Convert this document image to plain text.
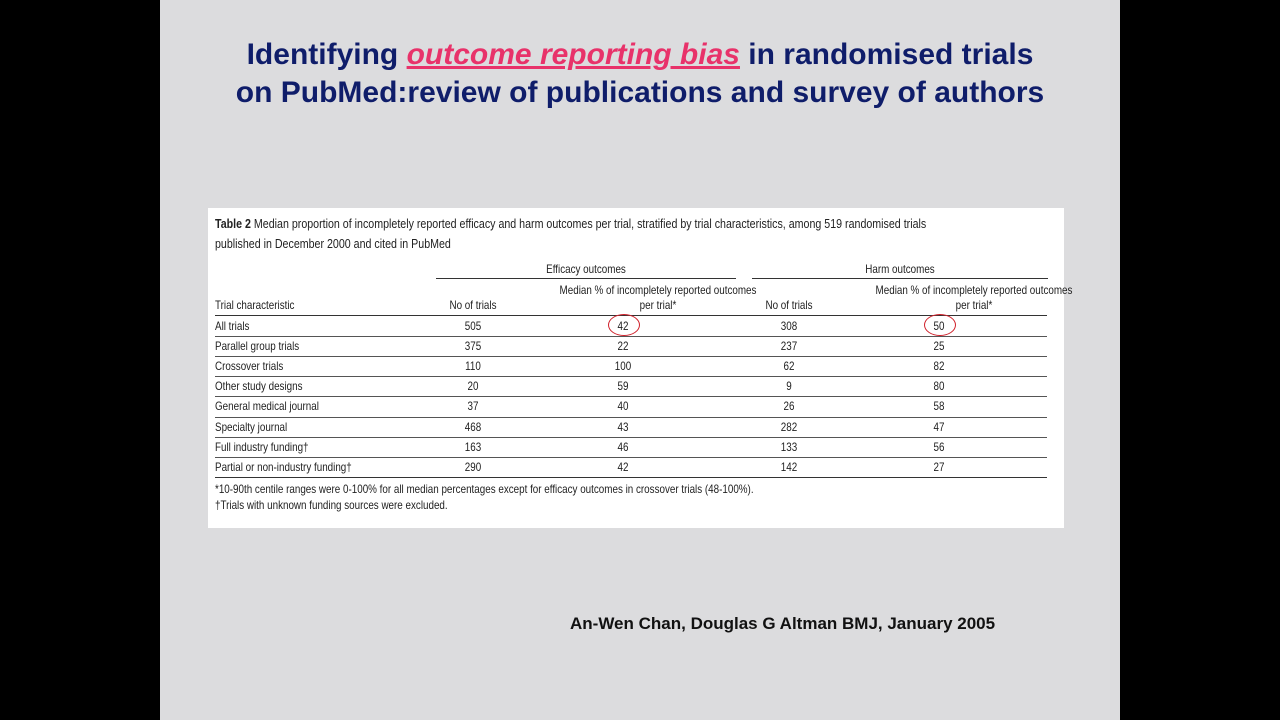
Identifying outcome reporting bias in randomised trials
on PubMed:review of publications and survey of authors
Table 2 Median proportion of incompletely reported efficacy and harm outcomes per trial, stratified by trial characteristics, among 519 randomised trials
published in December 2000 and cited in PubMed
Efficacy outcomes	Harm outcomes
Trial characteristic	No of trials
Median % of incompletely reported outcomes
per trial*	No of trials
Median % of incompletely reported outcomes
per trial*
All trials	505	42	308	50
Parallel group trials	375	22	237	25
Crossover trials	110	100	62	82
Other study designs	20	59	9	80
General medical journal	37	40	26	58
Specialty journal	468	43	282	47
Full industry funding†	163	46	133	56
Partial or non-industry funding†	290	42	142	27
*10-90th centile ranges were 0-100% for all median percentages except for efficacy outcomes in crossover trials (48-100%).
†Trials with unknown funding sources were excluded.
An-Wen Chan, Douglas G Altman BMJ, January 2005
